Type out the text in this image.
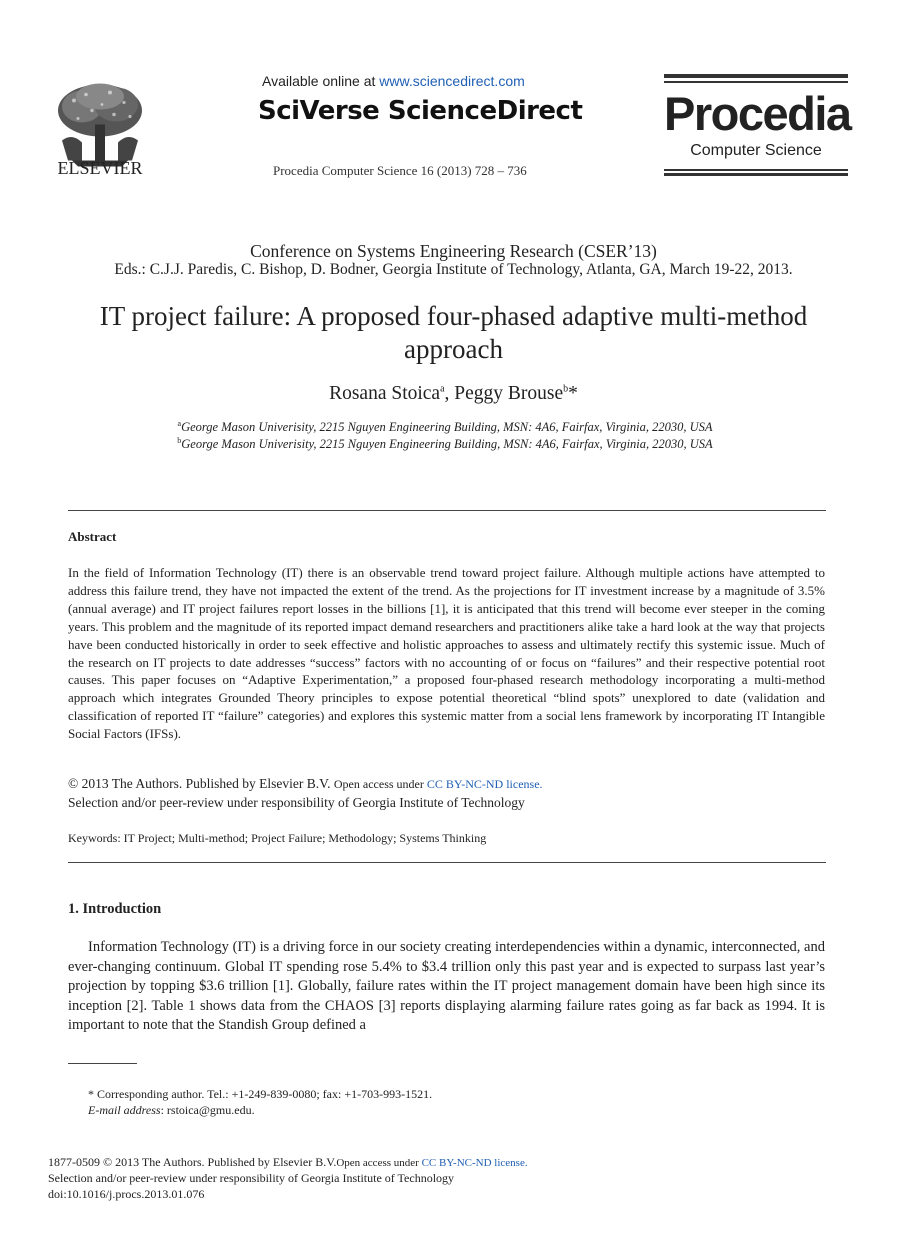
ELSEVIER
Available online at www.sciencedirect.com
SciVerse ScienceDirect
Procedia Computer Science 16 (2013) 728 – 736
Procedia
Computer Science
Conference on Systems Engineering Research (CSER’13)
Eds.: C.J.J. Paredis, C. Bishop, D. Bodner, Georgia Institute of Technology, Atlanta, GA, March 19-22, 2013.
IT project failure: A proposed four-phased adaptive multi-method
approach
Rosana Stoica$^a$, Peggy Brouse$^b$*
$^a$George Mason Univerisity, 2215 Nguyen Engineering Building, MSN: 4A6, Fairfax, Virginia, 22030, USA
$^b$George Mason Univerisity, 2215 Nguyen Engineering Building, MSN: 4A6, Fairfax, Virginia, 22030, USA
Abstract
In the field of Information Technology (IT) there is an observable trend toward project failure. Although multiple actions have attempted to address this failure trend, they have not impacted the extent of the trend. As the projections for IT investment increase by a magnitude of 3.5% (annual average) and IT project failures report losses in the billions [1], it is anticipated that this trend will become ever steeper in the coming years. This problem and the magnitude of its reported impact demand researchers and practitioners alike take a hard look at the way that projects have been conducted historically in order to seek effective and holistic approaches to assess and ultimately rectify this systemic issue. Much of the research on IT projects to date addresses “success” factors with no accounting of or focus on “failures” and their respective potential root causes. This paper focuses on “Adaptive Experimentation,” a proposed four-phased research methodology incorporating a multi-method approach which integrates Grounded Theory principles to expose potential theoretical “blind spots” unexplored to date (validation and classification of reported IT “failure” categories) and explores this systemic matter from a social lens framework by incorporating IT Intangible Social Factors (IFSs).
© 2013 The Authors. Published by Elsevier B.V. Open access under CC BY-NC-ND license.
Selection and/or peer-review under responsibility of Georgia Institute of Technology
Keywords: IT Project; Multi-method; Project Failure; Methodology; Systems Thinking
1. Introduction
Information Technology (IT) is a driving force in our society creating interdependencies within a dynamic, interconnected, and ever-changing continuum. Global IT spending rose 5.4% to $3.4 trillion only this past year and is expected to surpass last year’s projection by topping $3.6 trillion [1]. Globally, failure rates within the IT project management domain have been high since its inception [2]. Table 1 shows data from the CHAOS [3] reports displaying alarming failure rates going as far back as 1994. It is important to note that the Standish Group defined a
* Corresponding author. Tel.: +1-249-839-0080; fax: +1-703-993-1521.
E-mail address: rstoica@gmu.edu.
1877-0509 © 2013 The Authors. Published by Elsevier B.V.Open access under CC BY-NC-ND license.
Selection and/or peer-review under responsibility of Georgia Institute of Technology
doi:10.1016/j.procs.2013.01.076
